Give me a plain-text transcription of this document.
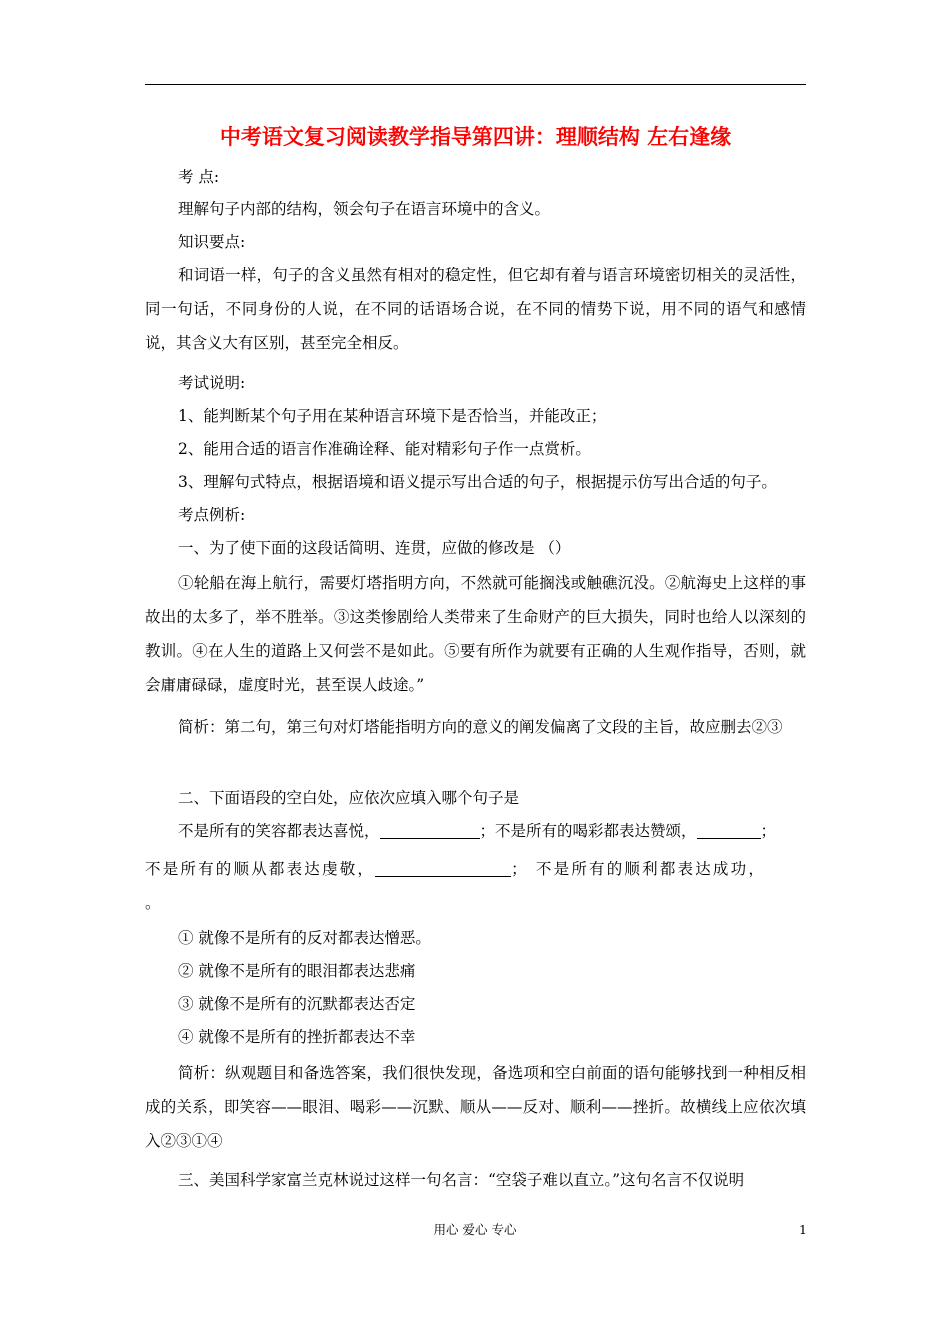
中考语文复习阅读教学指导第四讲：理顺结构 左右逢缘

考 点:

理解句子内部的结构，领会句子在语言环境中的含义。

知识要点:

和词语一样，句子的含义虽然有相对的稳定性，但它却有着与语言环境密切相关的灵活性，同一句话，不同身份的人说，在不同的话语场合说，在不同的情势下说，用不同的语气和感情说，其含义大有区别，甚至完全相反。

考试说明:

1、能判断某个句子用在某种语言环境下是否恰当，并能改正；

2、能用合适的语言作准确诠释、能对精彩句子作一点赏析。

3、理解句式特点，根据语境和语义提示写出合适的句子，根据提示仿写出合适的句子。

考点例析:

一、为了使下面的这段话简明、连贯，应做的修改是 （）

①轮船在海上航行，需要灯塔指明方向，不然就可能搁浅或触礁沉没。②航海史上这样的事故出的太多了，举不胜举。③这类惨剧给人类带来了生命财产的巨大损失，同时也给人以深刻的教训。④在人生的道路上又何尝不是如此。⑤要有所作为就要有正确的人生观作指导，否则，就会庸庸碌碌，虚度时光，甚至误人歧途。”

简析：第二句，第三句对灯塔能指明方向的意义的阐发偏离了文段的主旨，故应删去②③

二、下面语段的空白处，应依次应填入哪个句子是

不是所有的笑容都表达喜悦，	；不是所有的喝彩都表达赞颂，	；

不是所有的顺从都表达虔敬，	； 不是所有的顺利都表达成功，

。

① 就像不是所有的反对都表达憎恶。

② 就像不是所有的眼泪都表达悲痛

③ 就像不是所有的沉默都表达否定

④ 就像不是所有的挫折都表达不幸

简析：纵观题目和备选答案，我们很快发现，备选项和空白前面的语句能够找到一种相反相成的关系，即笑容——眼泪、喝彩——沉默、顺从——反对、顺利——挫折。故横线上应依次填入②③①④

三、美国科学家富兰克林说过这样一句名言：“空袋子难以直立。”这句名言不仅说明

用心 爱心 专心	1
